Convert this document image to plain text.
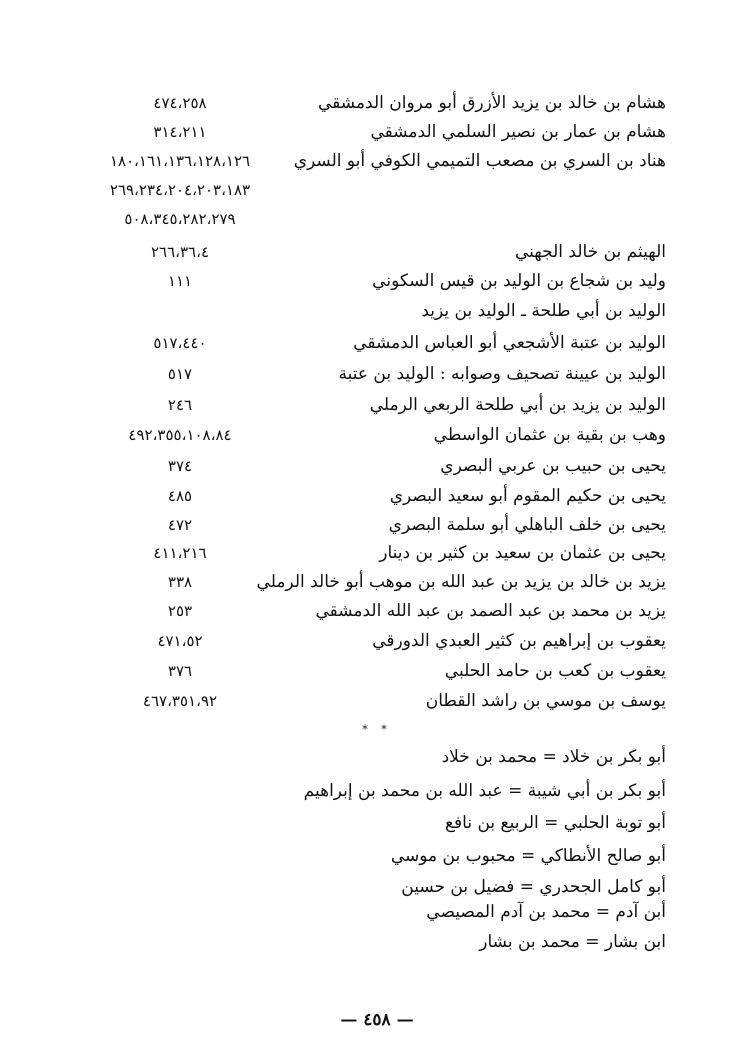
هشام بن خالد بن يزيد الأزرق أبو مروان الدمشقي
٤٧٤،٢٥٨
هشام بن عمار بن نصير السلمي الدمشقي
٣١٤،٢١١
هناد بن السري بن مصعب التميمي الكوفي أبو السري
١٨٠،١٦١،١٣٦،١٢٨،١٢٦
٢٦٩،٢٣٤،٢٠٤،٢٠٣،١٨٣
٥٠٨،٣٤٥،٢٨٢،٢٧٩
الهيثم بن خالد الجهني
٢٦٦،٣٦،٤
وليد بن شجاع بن الوليد بن قيس السكوني
١١١
الوليد بن أبي طلحة ـ الوليد بن يزيد
الوليد بن عتبة الأشجعي أبو العباس الدمشقي
٥١٧،٤٤٠
الوليد بن عيينة تصحيف وصوابه : الوليد بن عتبة
٥١٧
الوليد بن يزيد بن أبي طلحة الربعي الرملي
٢٤٦
وهب بن بقية بن عثمان الواسطي
٤٩٢،٣٥٥،١٠٨،٨٤
يحيى بن حبيب بن عربي البصري
٣٧٤
يحيى بن حكيم المقوم أبو سعيد البصري
٤٨٥
يحيى بن خلف الباهلي أبو سلمة البصري
٤٧٢
يحيى بن عثمان بن سعيد بن كثير بن دينار
٤١١،٢١٦
يزيد بن خالد بن يزيد بن عبد الله بن موهب أبو خالد الرملي
٣٣٨
يزيد بن محمد بن عبد الصمد بن عبد الله الدمشقي
٢٥٣
يعقوب بن إبراهيم بن كثير العبدي الدورقي
٤٧١،٥٢
يعقوب بن كعب بن حامد الحلبي
٣٧٦
يوسف بن موسي بن راشد القطان
٤٦٧،٣٥١،٩٢
* *
أبو بكر بن خلاد = محمد بن خلاد
أبو بكر بن أبي شيبة = عبد الله بن محمد بن إبراهيم
أبو توبة الحلبي = الربيع بن نافع
أبو صالح الأنطاكي = محبوب بن موسي
أبو كامل الجحدري = فضيل بن حسين
أبن آدم = محمد بن آدم المصيصي
ابن بشار = محمد بن بشار
— ٤٥٨ —
